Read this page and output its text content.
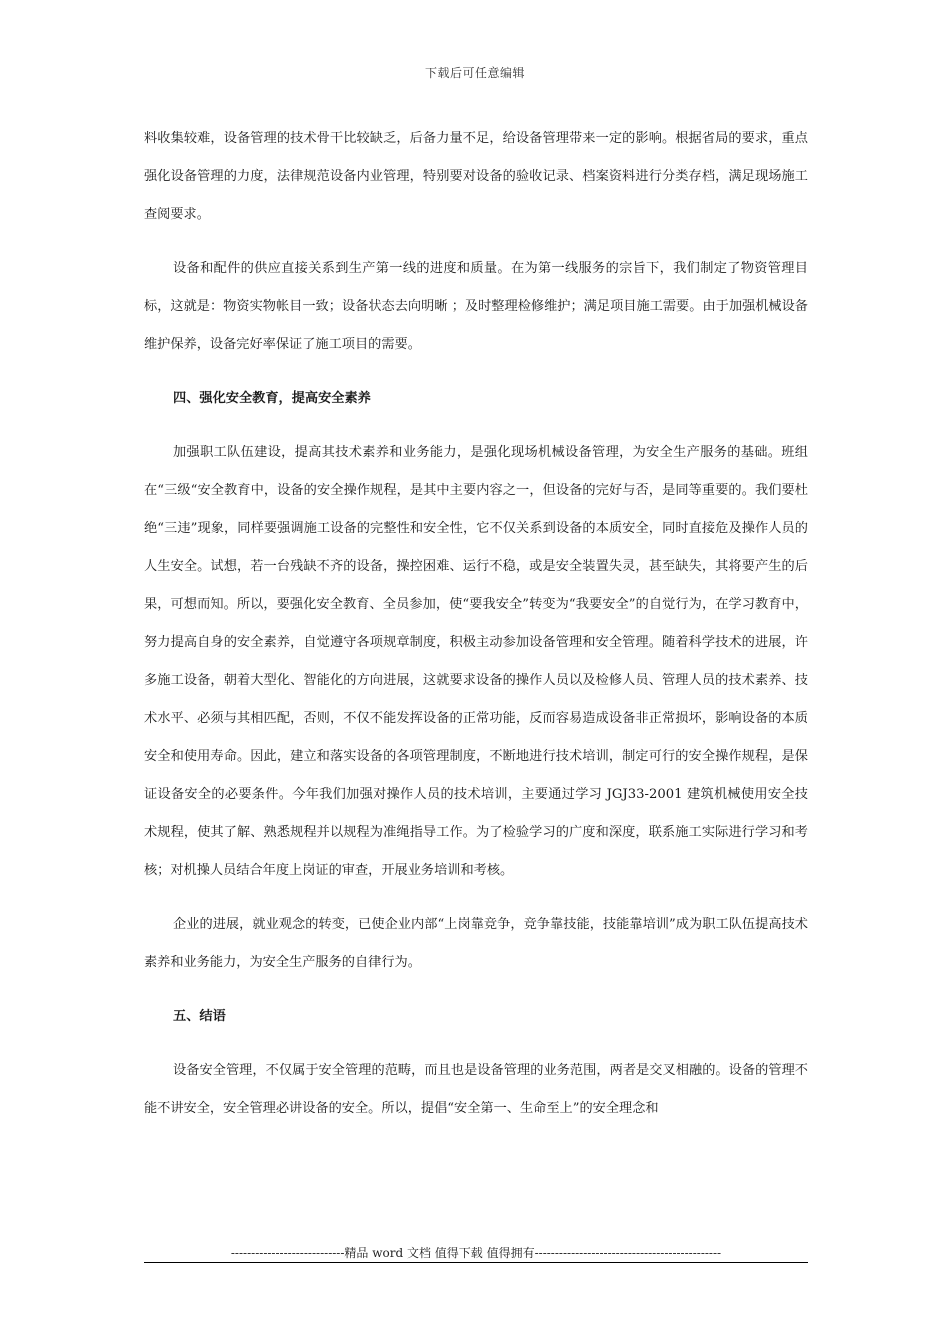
下载后可任意编辑

料收集较难，设备管理的技术骨干比较缺乏，后备力量不足，给设备管理带来一定的影响。根据省局的要求，重点强化设备管理的力度，法律规范设备内业管理，特别要对设备的验收记录、档案资料进行分类存档，满足现场施工查阅要求。

设备和配件的供应直接关系到生产第一线的进度和质量。在为第一线服务的宗旨下，我们制定了物资管理目标，这就是：物资实物帐目一致；设备状态去向明晰 ；及时整理检修维护；满足项目施工需要。由于加强机械设备维护保养，设备完好率保证了施工项目的需要。

四、强化安全教育，提高安全素养

加强职工队伍建设，提高其技术素养和业务能力，是强化现场机械设备管理，为安全生产服务的基础。班组在“三级“安全教育中，设备的安全操作规程，是其中主要内容之一，但设备的完好与否，是同等重要的。我们要杜绝“三违”现象，同样要强调施工设备的完整性和安全性，它不仅关系到设备的本质安全，同时直接危及操作人员的人生安全。试想，若一台残缺不齐的设备，操控困难、运行不稳，或是安全装置失灵，甚至缺失，其将要产生的后果，可想而知。所以，要强化安全教育、全员参加，使“要我安全”转变为“我要安全”的自觉行为，在学习教育中，努力提高自身的安全素养，自觉遵守各项规章制度，积极主动参加设备管理和安全管理。随着科学技术的进展，许多施工设备，朝着大型化、智能化的方向进展，这就要求设备的操作人员以及检修人员、管理人员的技术素养、技术水平、必须与其相匹配，否则，不仅不能发挥设备的正常功能，反而容易造成设备非正常损坏，影响设备的本质安全和使用寿命。因此，建立和落实设备的各项管理制度，不断地进行技术培训，制定可行的安全操作规程，是保证设备安全的必要条件。今年我们加强对操作人员的技术培训，主要通过学习 JGJ33-2001 建筑机械使用安全技术规程，使其了解、熟悉规程并以规程为准绳指导工作。为了检验学习的广度和深度，联系施工实际进行学习和考核；对机操人员结合年度上岗证的审查，开展业务培训和考核。

企业的进展，就业观念的转变，已使企业内部“上岗靠竞争，竞争靠技能，技能靠培训”成为职工队伍提高技术素养和业务能力，为安全生产服务的自律行为。

五、结语

设备安全管理，不仅属于安全管理的范畴，而且也是设备管理的业务范围，两者是交叉相融的。设备的管理不能不讲安全，安全管理必讲设备的安全。所以，提倡“安全第一、生命至上”的安全理念和

----------------------------精品 word 文档 值得下载 值得拥有----------------------------------------------
